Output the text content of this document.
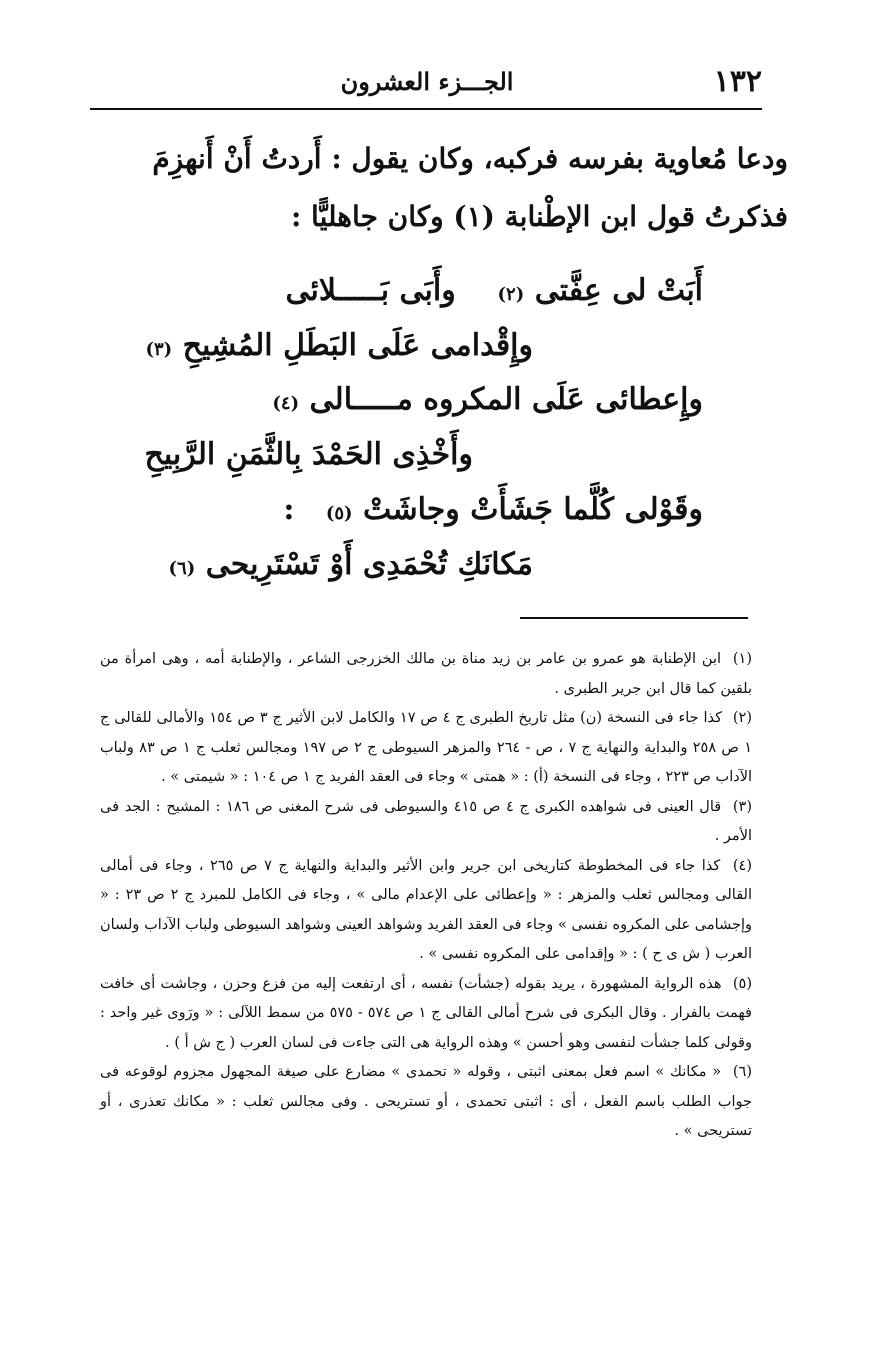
١٣٢
الجـــزء العشرون
ودعا مُعاوية بفرسه فركبه، وكان يقول : أَردتُ أَنْ أَنهزِمَ
فذكرتُ قول ابن الإطْنابة (١) وكان جاهليًّا :
أَبَتْ لى عِفَّتى (٢)    وأَبَى بَـــــلائى
وإِقْدامى عَلَى البَطَلِ المُشِيحِ (٣)
وإِعطائى عَلَى المكروه مـــــالى (٤)
وأَخْذِى الحَمْدَ بِالثَّمَنِ الرَّبِيحِ
وقَوْلى كُلَّما جَشَأَتْ وجاشَتْ (٥)   :
مَكانَكِ تُحْمَدِى أَوْ تَسْتَرِيحى (٦)

(١) ابن الإطنابة هو عمرو بن عامر بن زيد مناة بن مالك الخزرجى الشاعر ، والإطنابة أمه ، وهى امرأة من بلقين كما قال ابن جرير الطبرى .

(٢) كذا جاء فى النسخة (ن) مثل تاريخ الطبرى ج ٤ ص ١٧ والكامل لابن الأثير ج ٣ ص ١٥٤ والأمالى للقالى ج ١ ص ٢٥٨ والبداية والنهاية ج ٧ ، ص - ٢٦٤ والمزهر السيوطى ج ٢ ص ١٩٧ ومجالس ثعلب ج ١ ص ٨٣ ولباب الآداب ص ٢٢٣ ، وجاء فى النسخة (أ) : « همتى » وجاء فى العقد الفريد ج ١ ص ١٠٤ : « شيمتى » .

(٣) قال العينى فى شواهده الكبرى ج ٤ ص ٤١٥ والسيوطى فى شرح المغنى ص ١٨٦ : المشيح : الجد فى الأمر .

(٤) كذا جاء فى المخطوطة كتاريخى ابن جرير وابن الأثير والبداية والنهاية ج ٧ ص ٢٦٥ ، وجاء فى أمالى القالى ومجالس ثعلب والمزهر : « وإعطائى على الإعدام مالى » ، وجاء فى الكامل للمبرد ج ٢ ص ٢٣ : « وإجشامى على المكروه نفسى » وجاء فى العقد الفريد وشواهد العينى وشواهد السيوطى ولباب الآداب ولسان العرب ( ش ى ح ) : « وإقدامى على المكروه نفسى » .

(٥) هذه الرواية المشهورة ، يريد بقوله (جشأت) نفسه ، أى ارتفعت إليه من فزع وحزن ، وجاشت أى خافت فهمت بالفرار . وقال البكرى فى شرح أمالى القالى ج ١ ص ٥٧٤ - ٥٧٥ من سمط اللآلى : « ورَوى غير واحد : وقولى كلما جشأت لنفسى وهو أحسن » وهذه الرواية هى التى جاءت فى لسان العرب ( ج ش أ ) .

(٦) « مكانك » اسم فعل بمعنى اثبتى ، وقوله « تحمدى » مضارع على صيغة المجهول مجزوم لوقوعه فى جواب الطلب باسم الفعل ، أى : اثبتى تحمدى ، أو تستريحى . وفى مجالس ثعلب : « مكانك تعذرى ، أو تستريحى » .
